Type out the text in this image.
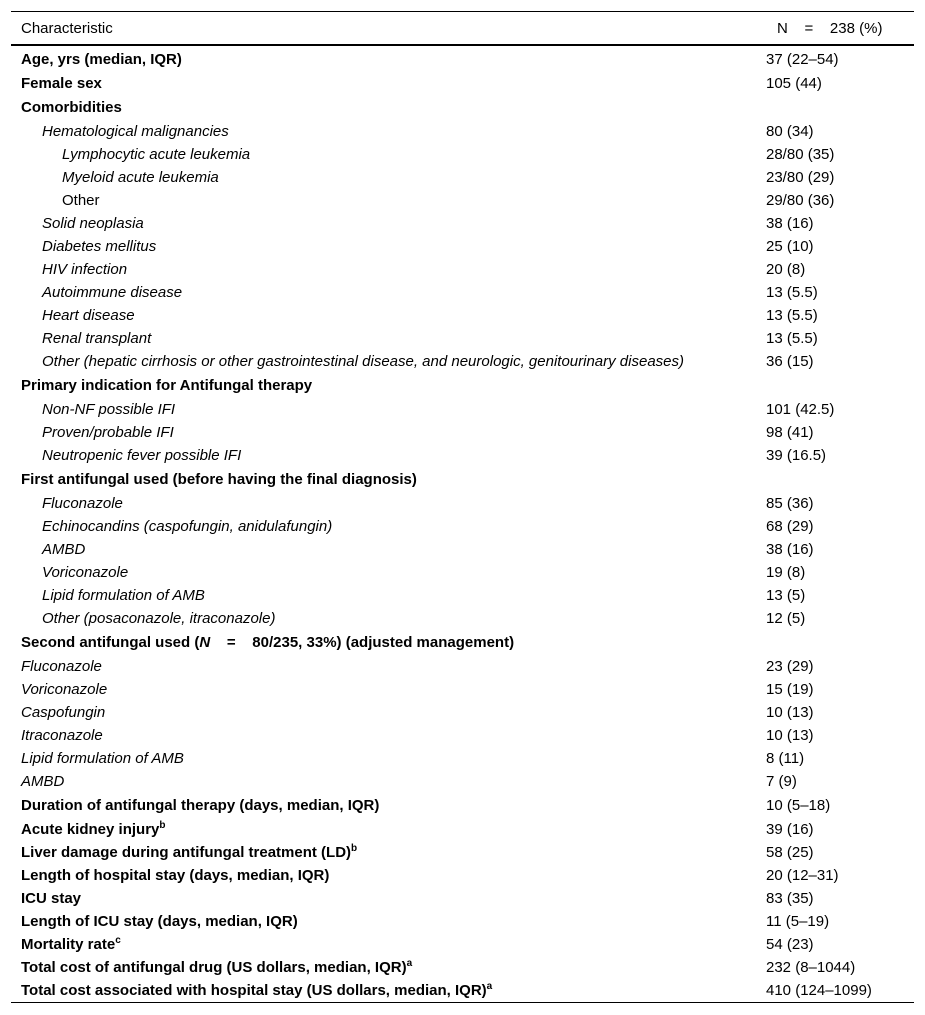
Characteristic	N    =    238 (%)
Age, yrs (median, IQR)	37 (22–54)
Female sex	105 (44)
Comorbidities
Hematological malignancies	80 (34)
Lymphocytic acute leukemia	28/80 (35)
Myeloid acute leukemia	23/80 (29)
Other	29/80 (36)
Solid neoplasia	38 (16)
Diabetes mellitus	25 (10)
HIV infection	20 (8)
Autoimmune disease	13 (5.5)
Heart disease	13 (5.5)
Renal transplant	13 (5.5)
Other (hepatic cirrhosis or other gastrointestinal disease, and neurologic, genitourinary diseases)	36 (15)
Primary indication for Antifungal therapy
Non-NF possible IFI	101 (42.5)
Proven/probable IFI	98 (41)
Neutropenic fever possible IFI	39 (16.5)
First antifungal used (before having the final diagnosis)
Fluconazole	85 (36)
Echinocandins (caspofungin, anidulafungin)	68 (29)
AMBD	38 (16)
Voriconazole	19 (8)
Lipid formulation of AMB	13 (5)
Other (posaconazole, itraconazole)	12 (5)
Second antifungal used (N    =    80/235, 33%) (adjusted management)
Fluconazole	23 (29)
Voriconazole	15 (19)
Caspofungin	10 (13)
Itraconazole	10 (13)
Lipid formulation of AMB	8 (11)
AMBD	7 (9)
Duration of antifungal therapy (days, median, IQR)	10 (5–18)
Acute kidney injury$^b$	39 (16)
Liver damage during antifungal treatment (LD)$^b$	58 (25)
Length of hospital stay (days, median, IQR)	20 (12–31)
ICU stay	83 (35)
Length of ICU stay (days, median, IQR)	11 (5–19)
Mortality rate$^c$	54 (23)
Total cost of antifungal drug (US dollars, median, IQR)$^a$	232 (8–1044)
Total cost associated with hospital stay (US dollars, median, IQR)$^a$	410 (124–1099)
